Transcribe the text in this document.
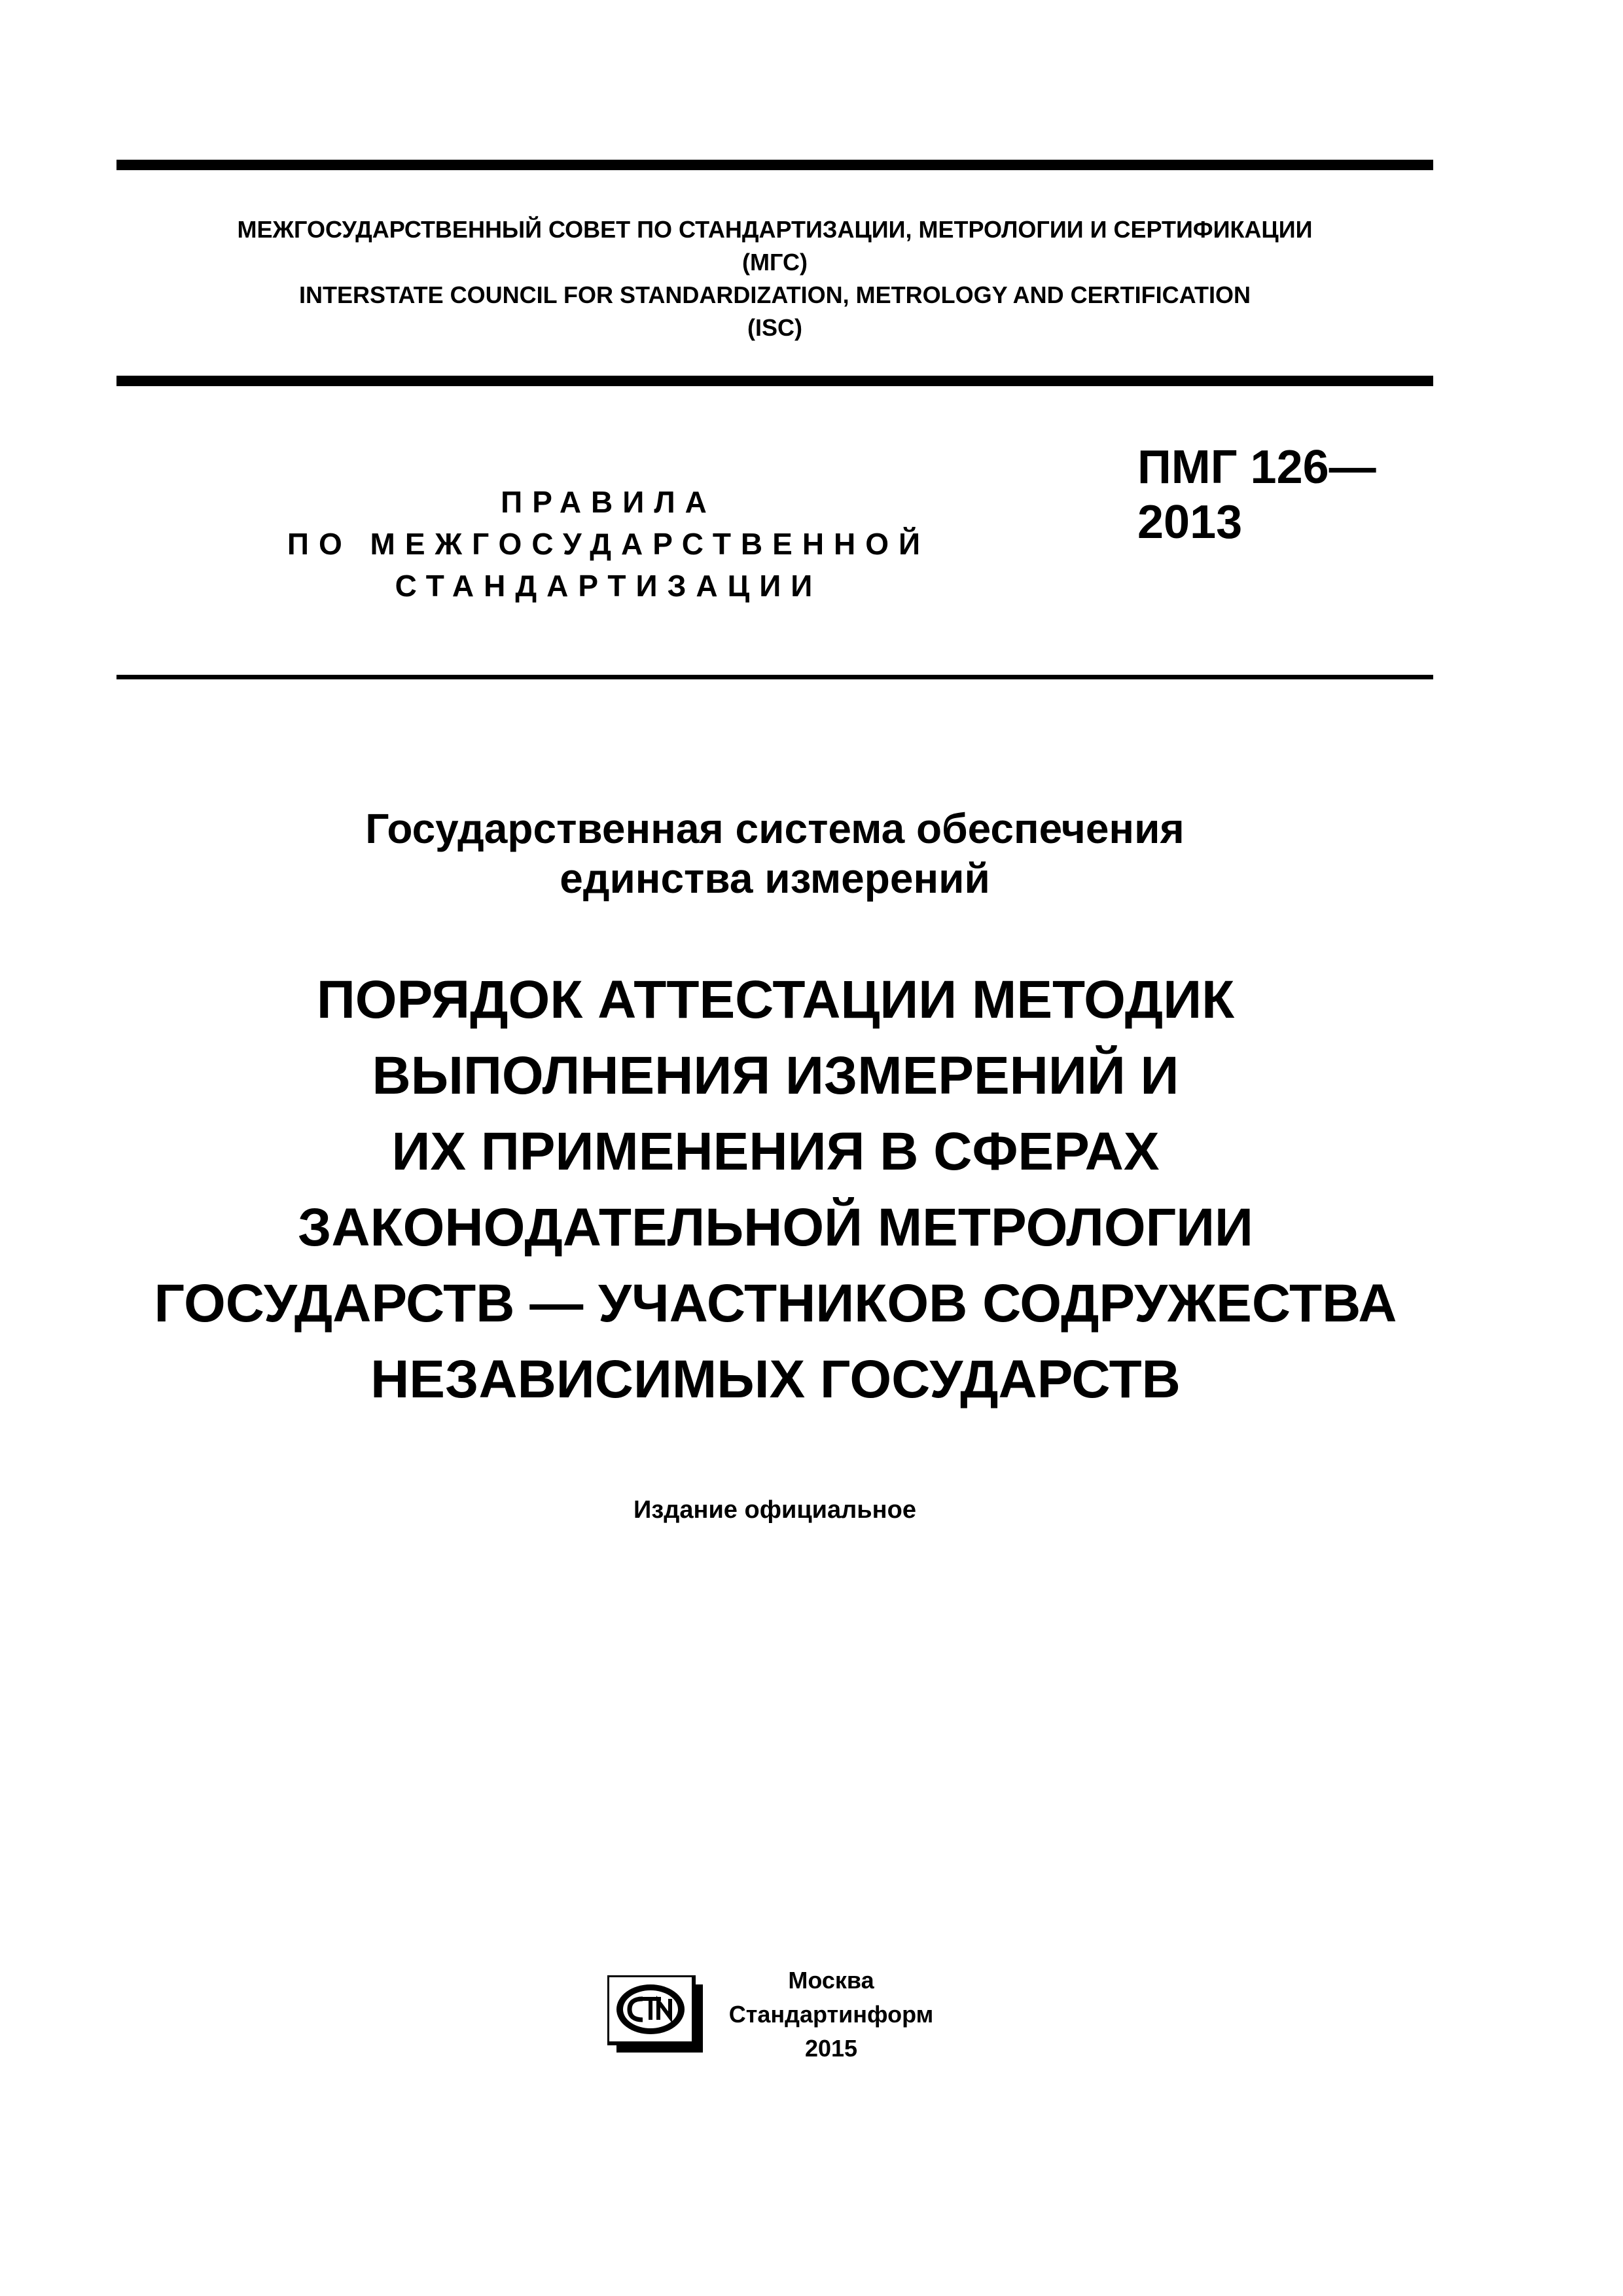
МЕЖГОСУДАРСТВЕННЫЙ СОВЕТ ПО СТАНДАРТИЗАЦИИ, МЕТРОЛОГИИ И СЕРТИФИКАЦИИ
(МГС)
INTERSTATE COUNCIL FOR STANDARDIZATION, METROLOGY AND CERTIFICATION
(ISC)
ПРАВИЛА
ПО МЕЖГОСУДАРСТВЕННОЙ
СТАНДАРТИЗАЦИИ
ПМГ 126—
2013
Государственная система обеспечения
единства измерений
ПОРЯДОК АТТЕСТАЦИИ МЕТОДИК
ВЫПОЛНЕНИЯ ИЗМЕРЕНИЙ И
ИХ ПРИМЕНЕНИЯ В СФЕРАХ
ЗАКОНОДАТЕЛЬНОЙ МЕТРОЛОГИИ
ГОСУДАРСТВ — УЧАСТНИКОВ СОДРУЖЕСТВА
НЕЗАВИСИМЫХ ГОСУДАРСТВ
Издание официальное
Москва
Стандартинформ
2015
